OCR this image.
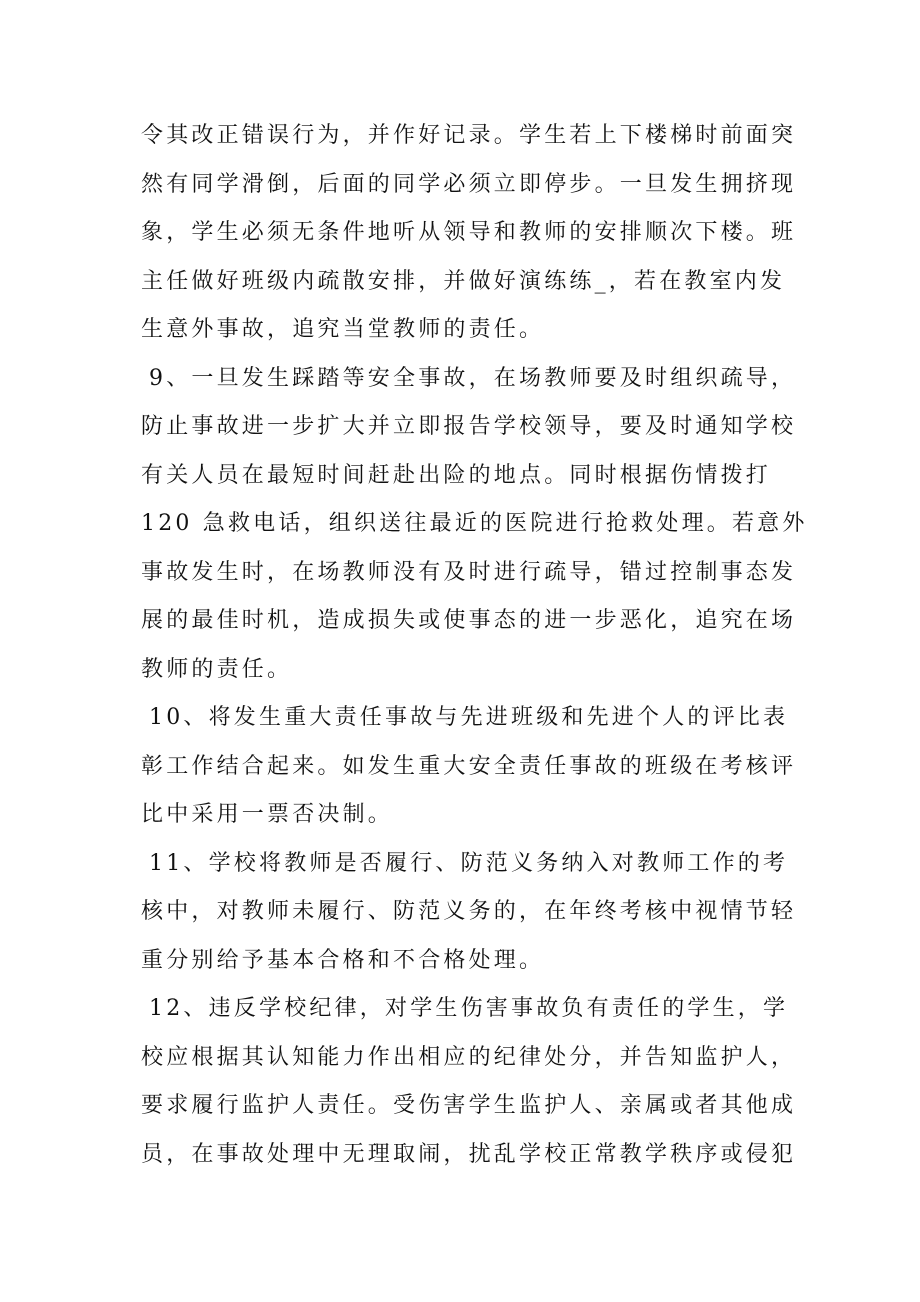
令其改正错误行为，并作好记录。学生若上下楼梯时前面突
然有同学滑倒，后面的同学必须立即停步。一旦发生拥挤现
象，学生必须无条件地听从领导和教师的安排顺次下楼。班
主任做好班级内疏散安排，并做好演练练_，若在教室内发
生意外事故，追究当堂教师的责任。
9、一旦发生踩踏等安全事故，在场教师要及时组织疏导，
防止事故进一步扩大并立即报告学校领导，要及时通知学校
有关人员在最短时间赶赴出险的地点。同时根据伤情拨打
120 急救电话，组织送往最近的医院进行抢救处理。若意外
事故发生时，在场教师没有及时进行疏导，错过控制事态发
展的最佳时机，造成损失或使事态的进一步恶化，追究在场
教师的责任。
10、将发生重大责任事故与先进班级和先进个人的评比表
彰工作结合起来。如发生重大安全责任事故的班级在考核评
比中采用一票否决制。
11、学校将教师是否履行、防范义务纳入对教师工作的考
核中，对教师未履行、防范义务的，在年终考核中视情节轻
重分别给予基本合格和不合格处理。
12、违反学校纪律，对学生伤害事故负有责任的学生，学
校应根据其认知能力作出相应的纪律处分，并告知监护人，
要求履行监护人责任。受伤害学生监护人、亲属或者其他成
员，在事故处理中无理取闹，扰乱学校正常教学秩序或侵犯
